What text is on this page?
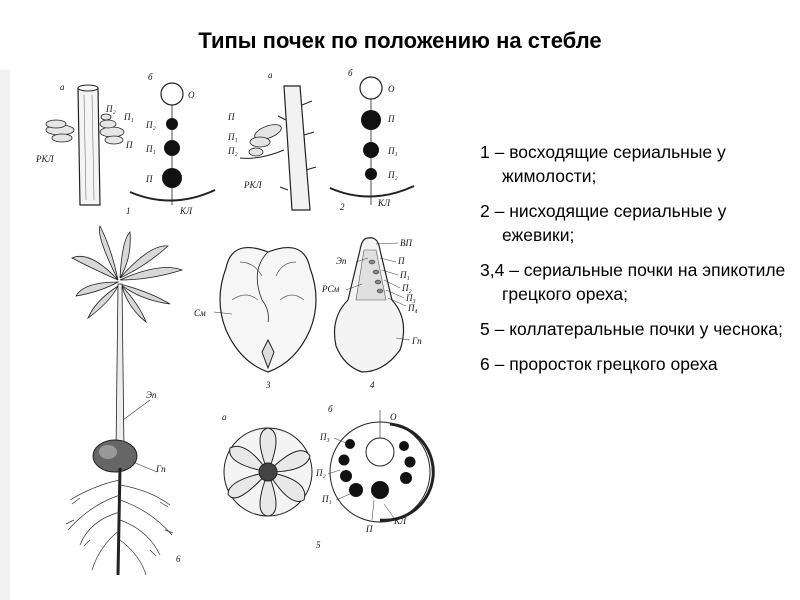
Типы почек по положению на стебле
1 – восходящие сериальные у жимолости;
2 – нисходящие сериальные у ежевики;
3,4 – сериальные почки на эпикотиле грецкого ореха;
5 – коллатеральные почки у чеснока;
6 – проросток грецкого ореха
а
П₂
П₁
П
РКЛ
б
O
П₂
П₁
П
КЛ
1
а
П
П₁
П₂
РКЛ
б
O
П
П₁
П₂
КЛ
2
Эп
Гп
6
См
3
ВП
Эп	П
П₁
РСм	П₂
П₃
П₄
Гп
4
а
б
O
П₃
П₂
П₁
П
КЛ
5
